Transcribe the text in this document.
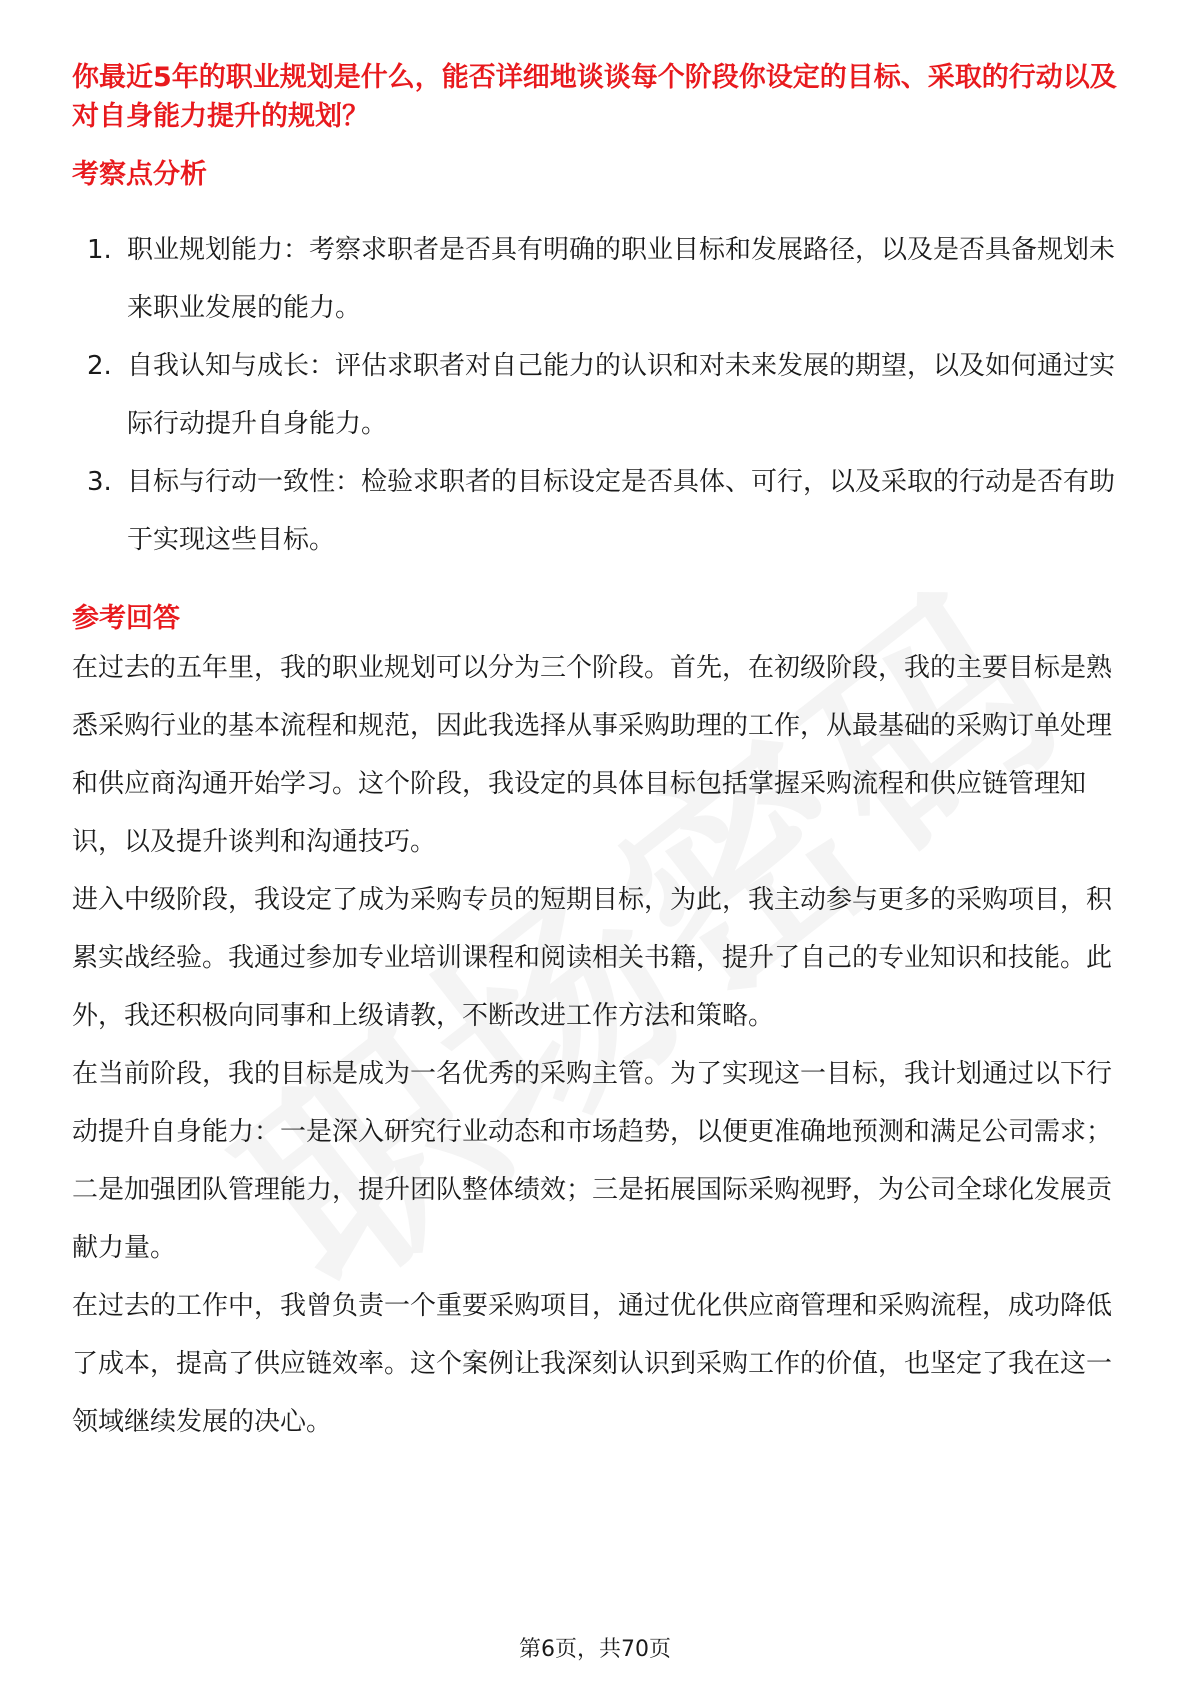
你最近5年的职业规划是什么，能否详细地谈谈每个阶段你设定的目标、采取的行动以及对自身能力提升的规划？

考察点分析
1. 职业规划能力：考察求职者是否具有明确的职业目标和发展路径，以及是否具备规划未来职业发展的能力。
2. 自我认知与成长：评估求职者对自己能力的认识和对未来发展的期望，以及如何通过实际行动提升自身能力。
3. 目标与行动一致性：检验求职者的目标设定是否具体、可行，以及采取的行动是否有助于实现这些目标。
参考回答

在过去的五年里，我的职业规划可以分为三个阶段。首先，在初级阶段，我的主要目标是熟悉采购行业的基本流程和规范，因此我选择从事采购助理的工作，从最基础的采购订单处理和供应商沟通开始学习。这个阶段，我设定的具体目标包括掌握采购流程和供应链管理知识，以及提升谈判和沟通技巧。

进入中级阶段，我设定了成为采购专员的短期目标，为此，我主动参与更多的采购项目，积累实战经验。我通过参加专业培训课程和阅读相关书籍，提升了自己的专业知识和技能。此外，我还积极向同事和上级请教，不断改进工作方法和策略。

在当前阶段，我的目标是成为一名优秀的采购主管。为了实现这一目标，我计划通过以下行动提升自身能力：一是深入研究行业动态和市场趋势，以便更准确地预测和满足公司需求；二是加强团队管理能力，提升团队整体绩效；三是拓展国际采购视野，为公司全球化发展贡献力量。

在过去的工作中，我曾负责一个重要采购项目，通过优化供应商管理和采购流程，成功降低了成本，提高了供应链效率。这个案例让我深刻认识到采购工作的价值，也坚定了我在这一领域继续发展的决心。

第6页，共70页
